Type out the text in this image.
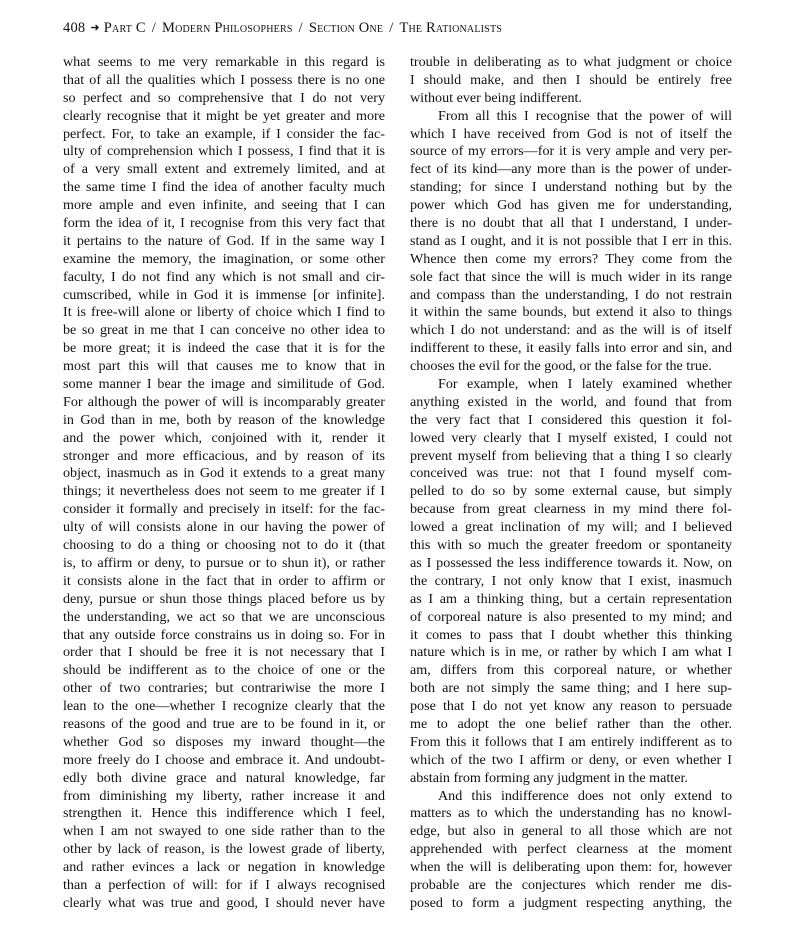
408 ➜ Part C / Modern Philosophers / Section One / The Rationalists
what seems to me very remarkable in this regard is
that of all the qualities which I possess there is no one
so perfect and so comprehensive that I do not very
clearly recognise that it might be yet greater and more
perfect. For, to take an example, if I consider the fac-
ulty of comprehension which I possess, I find that it is
of a very small extent and extremely limited, and at
the same time I find the idea of another faculty much
more ample and even infinite, and seeing that I can
form the idea of it, I recognise from this very fact that
it pertains to the nature of God. If in the same way I
examine the memory, the imagination, or some other
faculty, I do not find any which is not small and cir-
cumscribed, while in God it is immense [or infinite].
It is free-will alone or liberty of choice which I find to
be so great in me that I can conceive no other idea to
be more great; it is indeed the case that it is for the
most part this will that causes me to know that in
some manner I bear the image and similitude of God.
For although the power of will is incomparably greater
in God than in me, both by reason of the knowledge
and the power which, conjoined with it, render it
stronger and more efficacious, and by reason of its
object, inasmuch as in God it extends to a great many
things; it nevertheless does not seem to me greater if I
consider it formally and precisely in itself: for the fac-
ulty of will consists alone in our having the power of
choosing to do a thing or choosing not to do it (that
is, to affirm or deny, to pursue or to shun it), or rather
it consists alone in the fact that in order to affirm or
deny, pursue or shun those things placed before us by
the understanding, we act so that we are unconscious
that any outside force constrains us in doing so. For in
order that I should be free it is not necessary that I
should be indifferent as to the choice of one or the
other of two contraries; but contrariwise the more I
lean to the one—whether I recognize clearly that the
reasons of the good and true are to be found in it, or
whether God so disposes my inward thought—the
more freely do I choose and embrace it. And undoubt-
edly both divine grace and natural knowledge, far
from diminishing my liberty, rather increase it and
strengthen it. Hence this indifference which I feel,
when I am not swayed to one side rather than to the
other by lack of reason, is the lowest grade of liberty,
and rather evinces a lack or negation in knowledge
than a perfection of will: for if I always recognised
clearly what was true and good, I should never have
trouble in deliberating as to what judgment or choice
I should make, and then I should be entirely free
without ever being indifferent.
From all this I recognise that the power of will
which I have received from God is not of itself the
source of my errors—for it is very ample and very per-
fect of its kind—any more than is the power of under-
standing; for since I understand nothing but by the
power which God has given me for understanding,
there is no doubt that all that I understand, I under-
stand as I ought, and it is not possible that I err in this.
Whence then come my errors? They come from the
sole fact that since the will is much wider in its range
and compass than the understanding, I do not restrain
it within the same bounds, but extend it also to things
which I do not understand: and as the will is of itself
indifferent to these, it easily falls into error and sin, and
chooses the evil for the good, or the false for the true.
For example, when I lately examined whether
anything existed in the world, and found that from
the very fact that I considered this question it fol-
lowed very clearly that I myself existed, I could not
prevent myself from believing that a thing I so clearly
conceived was true: not that I found myself com-
pelled to do so by some external cause, but simply
because from great clearness in my mind there fol-
lowed a great inclination of my will; and I believed
this with so much the greater freedom or spontaneity
as I possessed the less indifference towards it. Now, on
the contrary, I not only know that I exist, inasmuch
as I am a thinking thing, but a certain representation
of corporeal nature is also presented to my mind; and
it comes to pass that I doubt whether this thinking
nature which is in me, or rather by which I am what I
am, differs from this corporeal nature, or whether
both are not simply the same thing; and I here sup-
pose that I do not yet know any reason to persuade
me to adopt the one belief rather than the other.
From this it follows that I am entirely indifferent as to
which of the two I affirm or deny, or even whether I
abstain from forming any judgment in the matter.
And this indifference does not only extend to
matters as to which the understanding has no knowl-
edge, but also in general to all those which are not
apprehended with perfect clearness at the moment
when the will is deliberating upon them: for, however
probable are the conjectures which render me dis-
posed to form a judgment respecting anything, the
